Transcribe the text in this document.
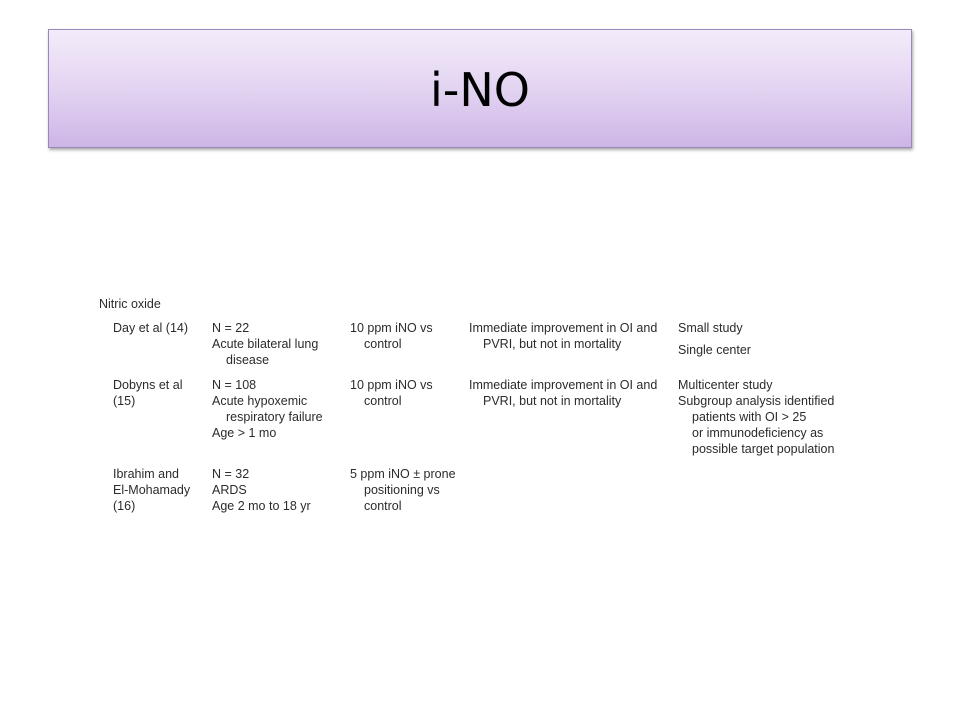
i-NO
Nitric oxide
Day et al (14)	N = 22
Acute bilateral lung
disease
10 ppm iNO vs
control
Immediate improvement in OI and
PVRI, but not in mortality
Small study
Single center
Dobyns et al
(15)
N = 108
Acute hypoxemic
respiratory failure
Age > 1 mo
10 ppm iNO vs
control
Immediate improvement in OI and
PVRI, but not in mortality
Multicenter study
Subgroup analysis identified
patients with OI > 25
or immunodeficiency as
possible target population
Ibrahim and
El-Mohamady
(16)
N = 32
ARDS
Age 2 mo to 18 yr
5 ppm iNO ± prone
positioning vs
control
